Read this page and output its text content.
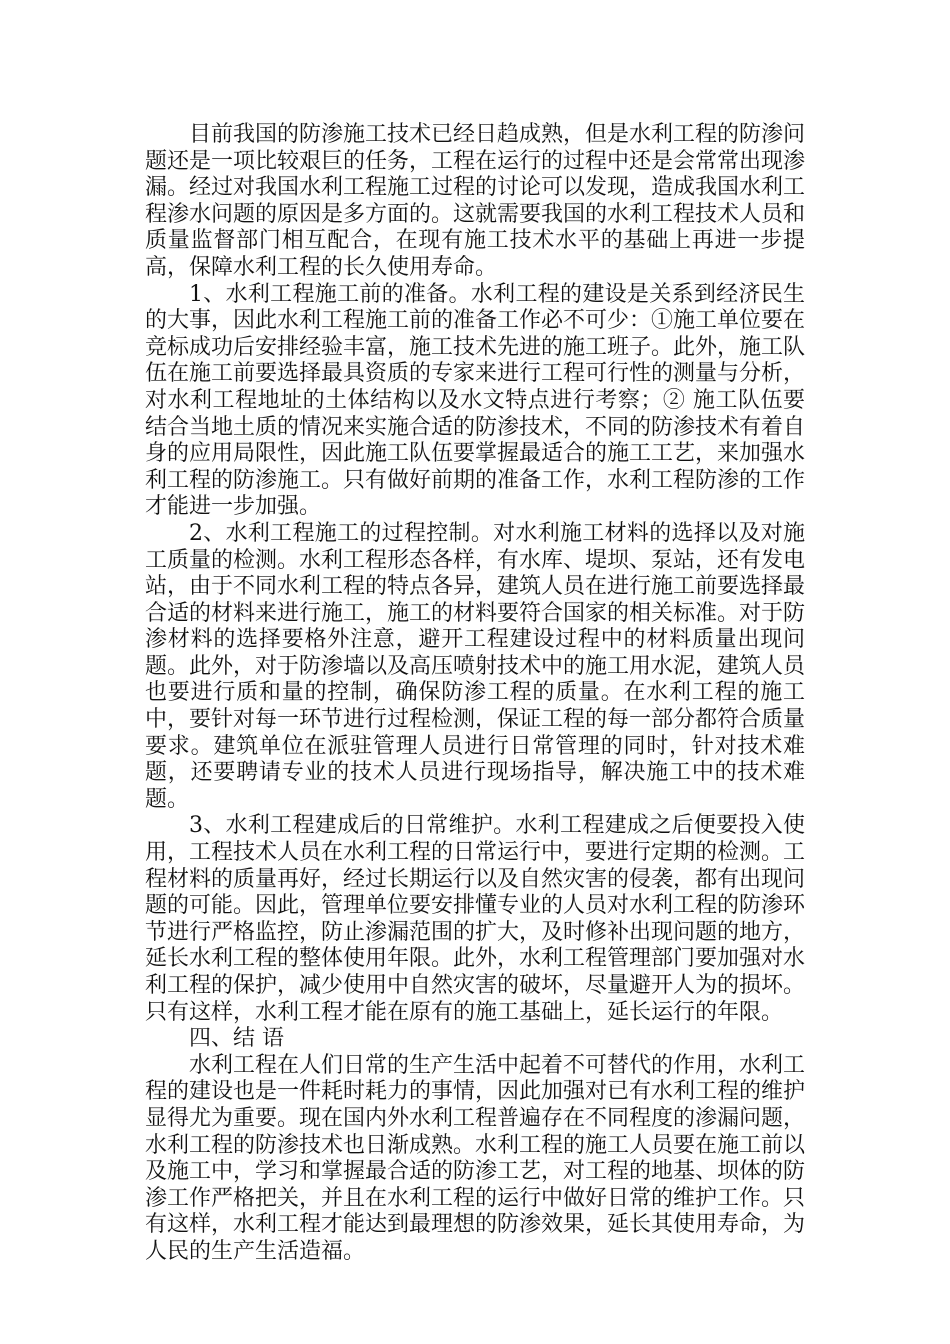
目前我国的防渗施工技术已经日趋成熟，但是水利工程的防渗问题还是一项比较艰巨的任务，工程在运行的过程中还是会常常出现渗漏。经过对我国水利工程施工过程的讨论可以发现，造成我国水利工程渗水问题的原因是多方面的。这就需要我国的水利工程技术人员和质量监督部门相互配合，在现有施工技术水平的基础上再进一步提高，保障水利工程的长久使用寿命。

1、水利工程施工前的准备。水利工程的建设是关系到经济民生的大事，因此水利工程施工前的准备工作必不可少：①施工单位要在竞标成功后安排经验丰富，施工技术先进的施工班子。此外，施工队伍在施工前要选择最具资质的专家来进行工程可行性的测量与分析，对水利工程地址的土体结构以及水文特点进行考察；② 施工队伍要结合当地土质的情况来实施合适的防渗技术，不同的防渗技术有着自身的应用局限性，因此施工队伍要掌握最适合的施工工艺，来加强水利工程的防渗施工。只有做好前期的准备工作，水利工程防渗的工作才能进一步加强。

2、水利工程施工的过程控制。对水利施工材料的选择以及对施工质量的检测。水利工程形态各样，有水库、堤坝、泵站，还有发电站，由于不同水利工程的特点各异，建筑人员在进行施工前要选择最合适的材料来进行施工，施工的材料要符合国家的相关标准。对于防渗材料的选择要格外注意，避开工程建设过程中的材料质量出现问题。此外，对于防渗墙以及高压喷射技术中的施工用水泥，建筑人员也要进行质和量的控制，确保防渗工程的质量。在水利工程的施工中，要针对每一环节进行过程检测，保证工程的每一部分都符合质量要求。建筑单位在派驻管理人员进行日常管理的同时，针对技术难题，还要聘请专业的技术人员进行现场指导，解决施工中的技术难题。

3、水利工程建成后的日常维护。水利工程建成之后便要投入使用，工程技术人员在水利工程的日常运行中，要进行定期的检测。工程材料的质量再好，经过长期运行以及自然灾害的侵袭，都有出现问题的可能。因此，管理单位要安排懂专业的人员对水利工程的防渗环节进行严格监控，防止渗漏范围的扩大，及时修补出现问题的地方，延长水利工程的整体使用年限。此外，水利工程管理部门要加强对水利工程的保护，减少使用中自然灾害的破坏，尽量避开人为的损坏。只有这样，水利工程才能在原有的施工基础上，延长运行的年限。

四、结 语

水利工程在人们日常的生产生活中起着不可替代的作用，水利工程的建设也是一件耗时耗力的事情，因此加强对已有水利工程的维护显得尤为重要。现在国内外水利工程普遍存在不同程度的渗漏问题，水利工程的防渗技术也日渐成熟。水利工程的施工人员要在施工前以及施工中，学习和掌握最合适的防渗工艺，对工程的地基、坝体的防渗工作严格把关，并且在水利工程的运行中做好日常的维护工作。只有这样，水利工程才能达到最理想的防渗效果，延长其使用寿命，为人民的生产生活造福。
